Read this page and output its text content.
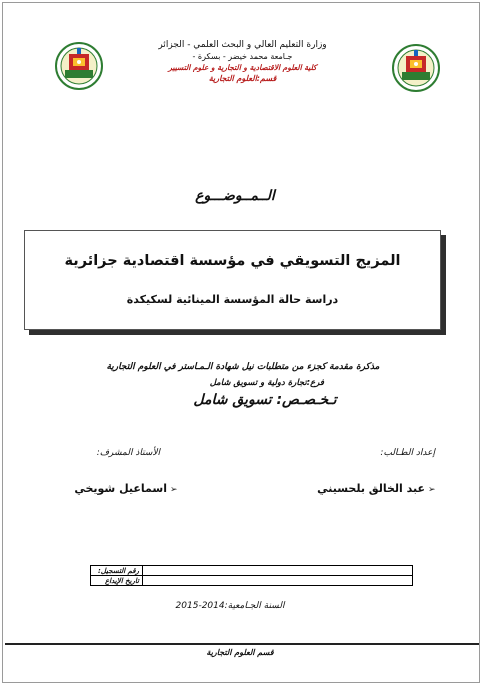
وزارة التعليم العالي و البحث العلمي - الجزائر
جـامعة محمد خيضر - بسكرة -
كلية العلوم الاقتصادية و التجارية و علوم التسيير
قسم:العلوم التجارية
الــمــوضـــوع
المزيج التسويقي في مؤسسة اقتصادية جزائرية
دراسة حالة المؤسسة المينائية لسكيكدة
مذكرة مقدمة كجزء من متطلبات نيل شهادة الـمـاستر في العلوم التجارية
فرع:تجارة دولية و تسويق شامل
تـخـصـص: تسويق شامل
إعداد الطـالب:
الأستاذ المشرف:
➢
عبد الخالق بلحسيني
➢
اسماعيل شويخي
رقم التسجيل:	
تاريخ الإيداع	
السنة الجـامعية:2014-2015
قسم العلوم التجارية
